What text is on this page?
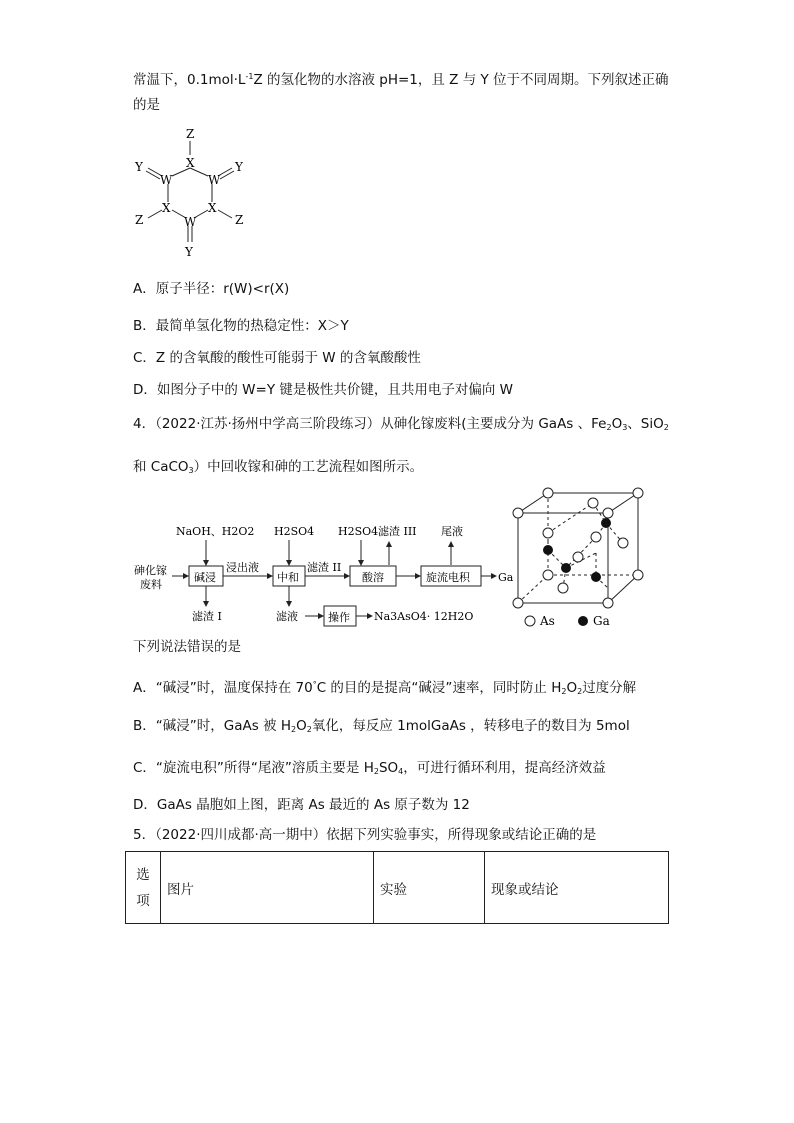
常温下，$0.1mol\cdot L^{-1}Z$ 的氢化物的水溶液 pH=1，且 Z 与 Y 位于不同周期。下列叙述正确
的是
Z
X
W
W
Y	Y
X	X
Z	Z
W
Y
A．原子半径：r(W)<r(X)
B．最简单氢化物的热稳定性：X＞Y
C．Z 的含氧酸的酸性可能弱于 W 的含氧酸酸性
D．如图分子中的 W=Y 键是极性共价键，且共用电子对偏向 W
4．（2022·江苏·扬州中学高三阶段练习）从砷化镓废料(主要成分为 GaAs 、$Fe_2O_3$、SiO$_2$
和 CaCO$_3$）中回收镓和砷的工艺流程如图所示。
砷化镓
废料
碱浸
NaOH、H2O2
滤渣 I
浸出液
中和
H2SO4
滤液	操作 Na3AsO4· 12H2O
滤渣 II
酸溶
H2SO4 滤渣 III
旋流电积
尾液
Ga
As	Ga
下列说法错误的是
A．“碱浸”时，温度保持在 70°C 的目的是提高“碱浸”速率，同时防止 $H_2O_2$过度分解
B．“碱浸”时，GaAs 被 $H_2O_2$氧化，每反应 1molGaAs ，转移电子的数目为 5mol
C．“旋流电积”所得“尾液”溶质主要是 $H_2SO_4$，可进行循环利用，提高经济效益
D．GaAs 晶胞如上图，距离 As 最近的 As 原子数为 12
5．（2022·四川成都·高一期中）依据下列实验事实，所得现象或结论正确的是
选
项	图片	实验	现象或结论
